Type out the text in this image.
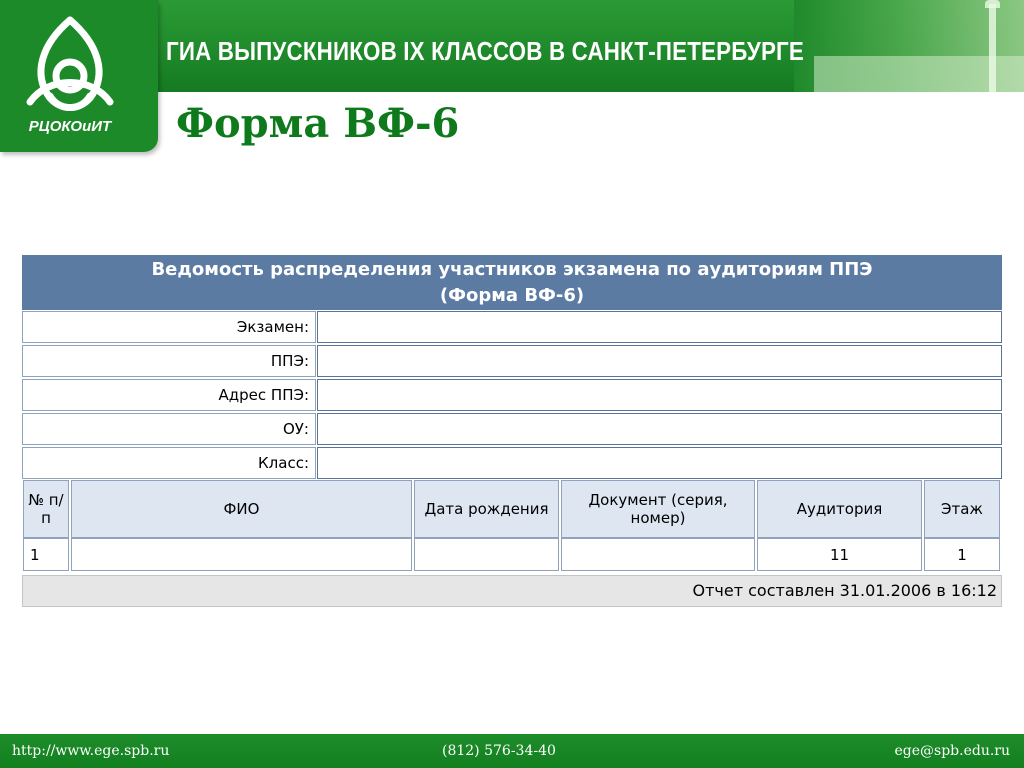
ГИА ВЫПУСКНИКОВ IX КЛАССОВ В САНКТ-ПЕТЕРБУРГЕ
РЦОКОиИТ	Форма ВФ-6
Ведомость распределения участников экзамена по аудиториям ППЭ
(Форма ВФ-6)
Экзамен:
ППЭ:
Адрес ППЭ:
ОУ:
Класс:
№ п/п	ФИО	Дата рождения	Документ (серия, номер)	Аудитория	Этаж
1				11	1
Отчет составлен 31.01.2006 в 16:12
http://www.ege.spb.ru	(812) 576-34-40	ege@spb.edu.ru
